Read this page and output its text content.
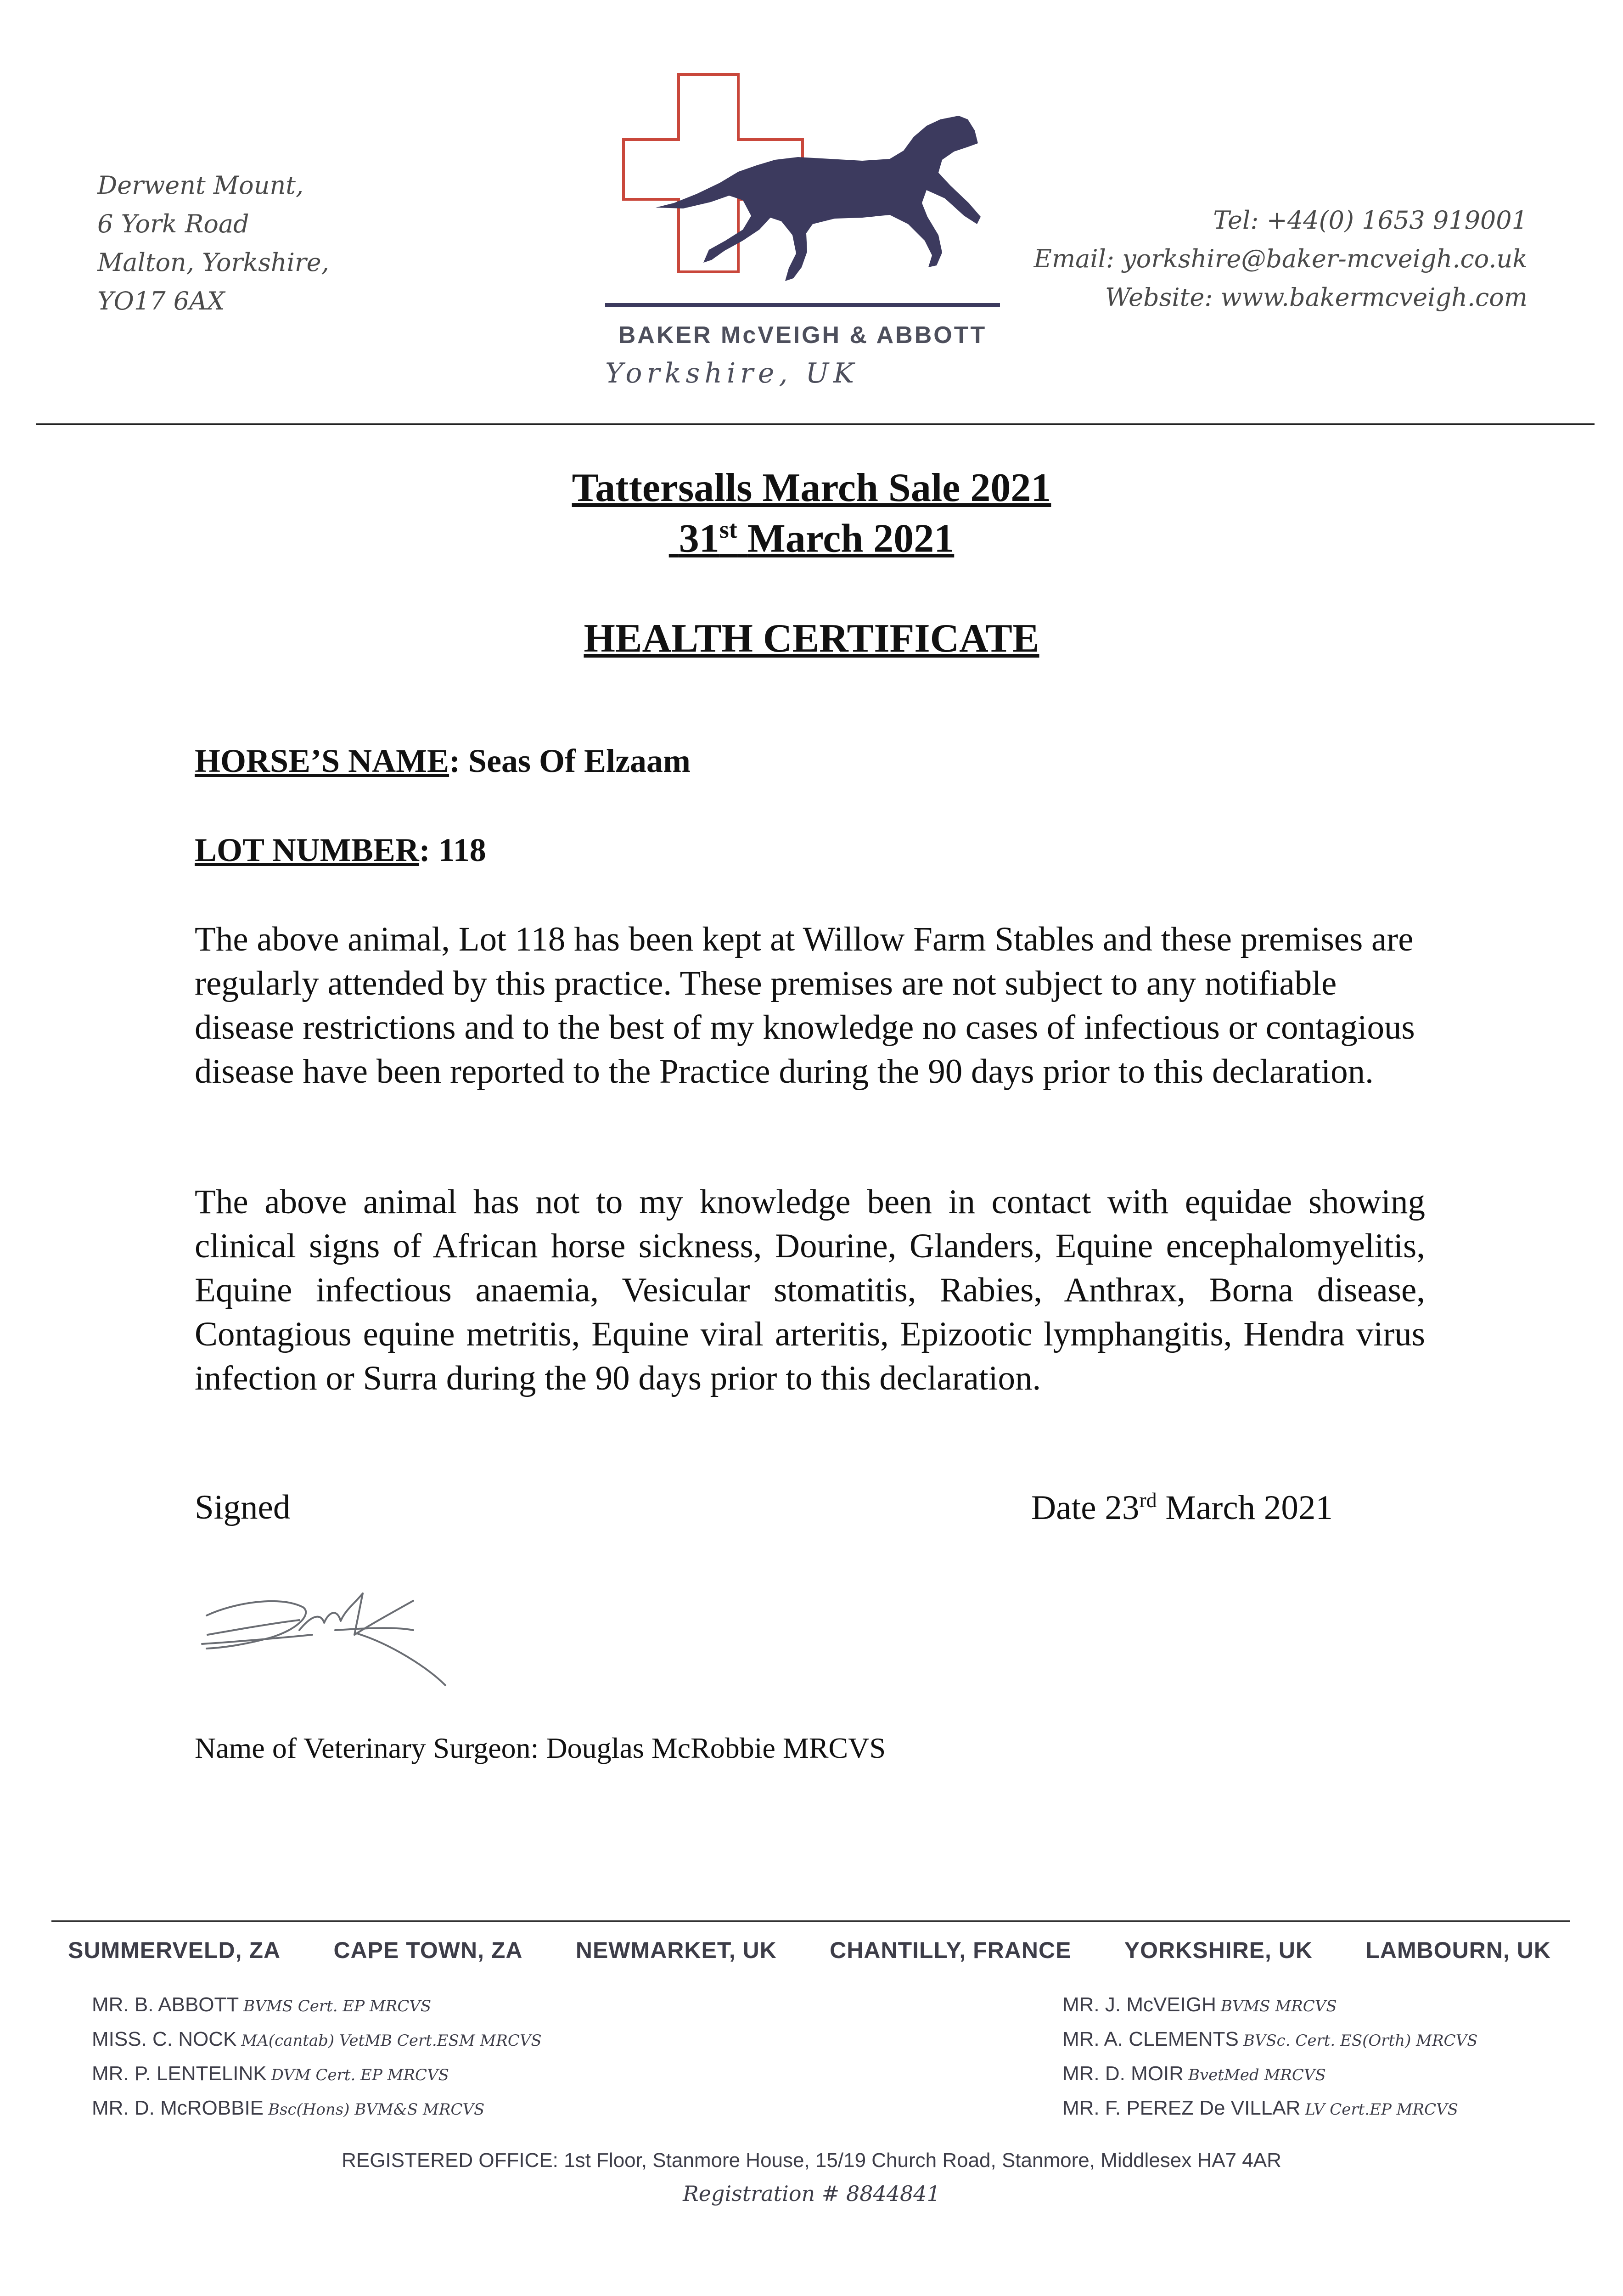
Derwent Mount,
6 York Road
Malton, Yorkshire,
YO17 6AX
BAKER McVEIGH & ABBOTT
Yorkshire, UK
Tel: +44(0) 1653 919001
Email: yorkshire@baker-mcveigh.co.uk
Website: www.bakermcveigh.com
Tattersalls March Sale 2021
31st March 2021
HEALTH CERTIFICATE
HORSE’S NAME: Seas Of Elzaam
LOT NUMBER: 118
The above animal, Lot 118 has been kept at Willow Farm Stables and these premises are regularly attended by this practice. These premises are not subject to any notifiable disease restrictions and to the best of my knowledge no cases of infectious or contagious disease have been reported to the Practice during the 90 days prior to this declaration.
The above animal has not to my knowledge been in contact with equidae showing clinical signs of African horse sickness, Dourine, Glanders, Equine encephalomyelitis, Equine infectious anaemia, Vesicular stomatitis, Rabies, Anthrax, Borna disease, Contagious equine metritis, Equine viral arteritis, Epizootic lymphangitis, Hendra virus infection or Surra during the 90 days prior to this declaration.
Signed	Date 23rd March 2021
Name of Veterinary Surgeon: Douglas McRobbie MRCVS
SUMMERVELD, ZA CAPE TOWN, ZA NEWMARKET, UK CHANTILLY, FRANCE YORKSHIRE, UK LAMBOURN, UK
MR. B. ABBOTT BVMS Cert. EP MRCVS
MISS. C. NOCK MA(cantab) VetMB Cert.ESM MRCVS
MR. P. LENTELINK DVM Cert. EP MRCVS
MR. D. McROBBIE Bsc(Hons) BVM&S MRCVS
MR. J. McVEIGH BVMS MRCVS
MR. A. CLEMENTS BVSc. Cert. ES(Orth) MRCVS
MR. D. MOIR BvetMed MRCVS
MR. F. PEREZ De VILLAR LV Cert.EP MRCVS
REGISTERED OFFICE: 1st Floor, Stanmore House, 15/19 Church Road, Stanmore, Middlesex HA7 4AR
Registration # 8844841
